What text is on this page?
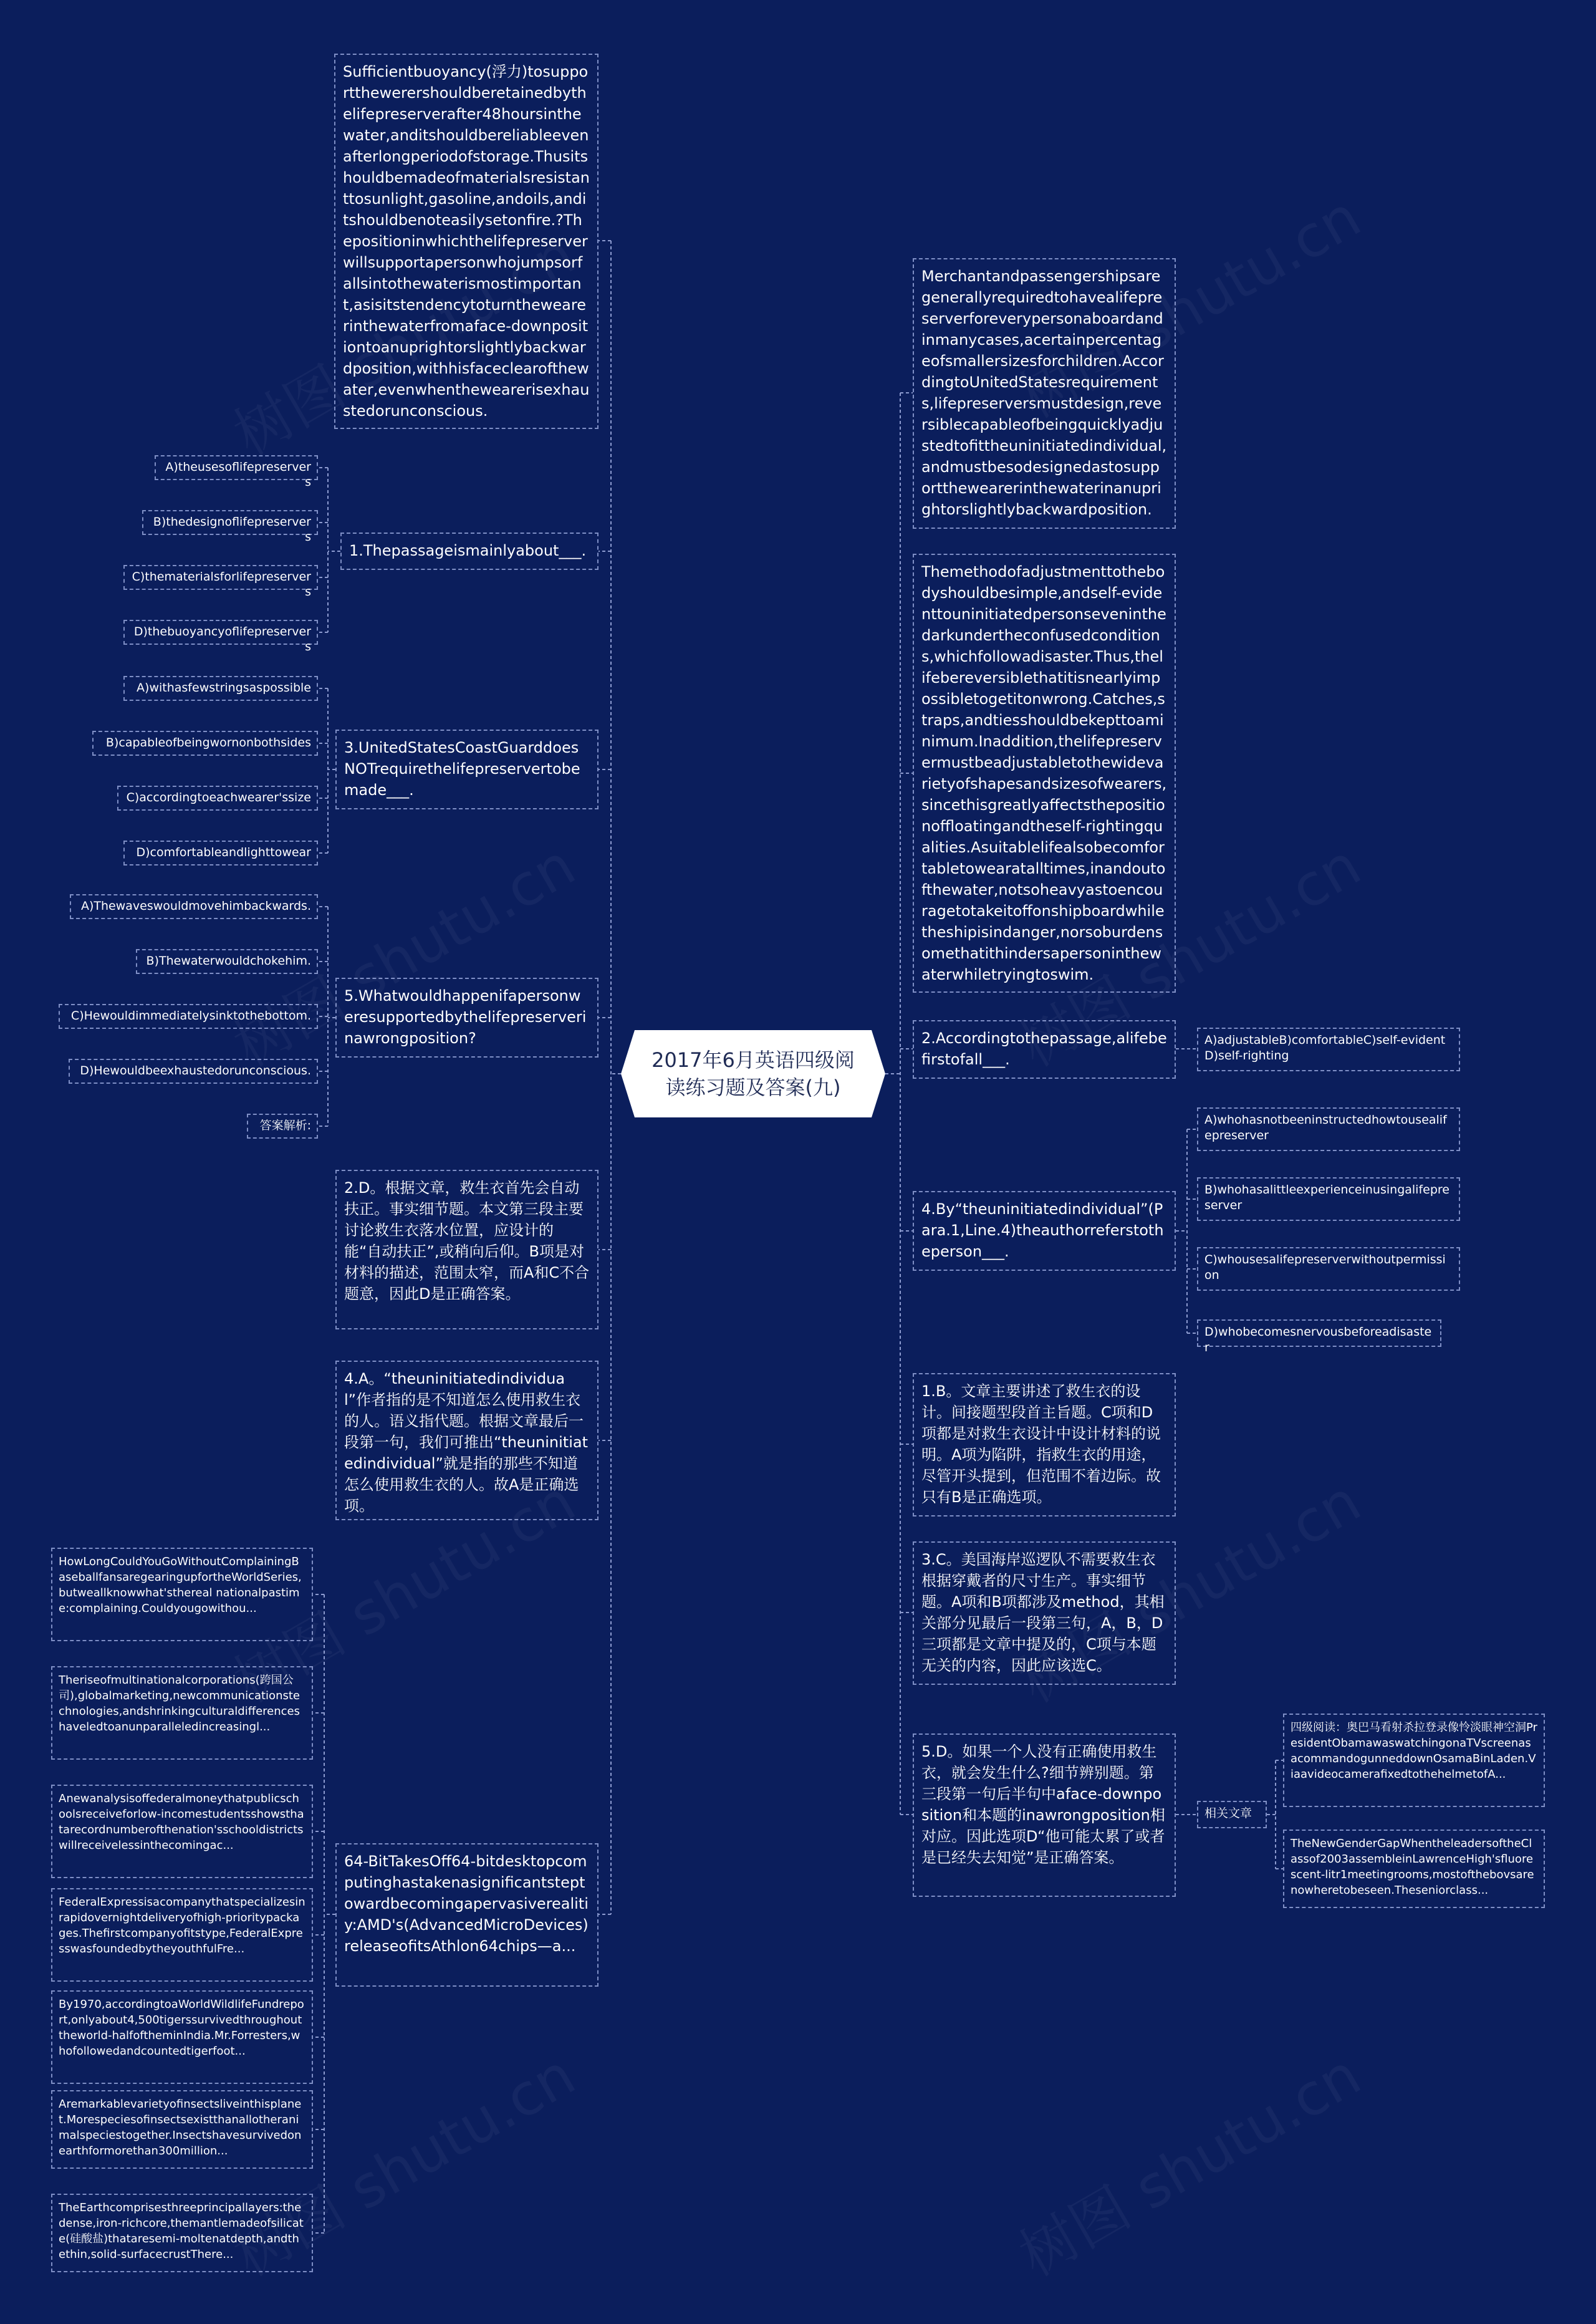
2017年6月英语四级阅读练习题及答案(九)
Sufficientbuoyancy(浮力)tosupportthewerershouldberetainedbythelifepreserverafter48hoursinthewater,anditshouldbereliableevenafterlongperiodofstorage.Thusitshouldbemadeofmaterialsresistanttosunlight,gasoline,andoils,anditshouldbenoteasilysetonfire.?Thepositioninwhichthelifepreserverwillsupportapersonwhojumpsorfallsintothewaterismostimportant,asisitstendencytoturnthewearerinthewaterfromaface-downpositiontoanuprightorslightlybackwardposition,withhisfaceclearofthewater,evenwhenthewearerisexhaustedorunconscious.
1.Thepassageismainlyabout___.
A)theusesoflifepreservers
B)thedesignoflifepreservers
C)thematerialsforlifepreservers
D)thebuoyancyoflifepreservers
3.UnitedStatesCoastGuarddoesNOTrequirethelifepreservertobemade___.
A)withasfewstringsaspossible
B)capableofbeingwornonbothsides
C)accordingtoeachwearer'ssize
D)comfortableandlighttowear
5.Whatwouldhappenifapersonweresupportedbythelifepreserverinawrongposition?
A)Thewaveswouldmovehimbackwards.
B)Thewaterwouldchokehim.
C)Hewouldimmediatelysinktothebottom.
D)Hewouldbeexhaustedorunconscious.
答案解析:
2.D。根据文章，救生衣首先会自动扶正。事实细节题。本文第三段主要讨论救生衣落水位置，应设计的能“自动扶正”,或稍向后仰。B项是对材料的描述，范围太窄，而A和C不合题意，因此D是正确答案。
4.A。“theuninitiatedindividual”作者指的是不知道怎么使用救生衣的人。语义指代题。根据文章最后一段第一句，我们可推出“theuninitiatedindividual”就是指的那些不知道怎么使用救生衣的人。故A是正确选项。
64-BitTakesOff64-bitdesktopcomputinghastakenasignificantsteptowardbecomingapervasiverealitiy:AMD's(AdvancedMicroDevices)releaseofitsAthlon64chips—a...
HowLongCouldYouGoWithoutComplainingBaseballfansaregearingupfortheWorldSeries,butweallknowwhat'sthereal nationalpastime:complaining.Couldyougowithou...
Theriseofmultinationalcorporations(跨国公司),globalmarketing,newcommunicationstechnologies,andshrinkingculturaldifferenceshaveledtoanunparalleledincreasingl...
Anewanalysisoffederalmoneythatpublicschoolsreceiveforlow-incomestudentsshowsthatarecordnumberofthenation'sschooldistrictswillreceivelessinthecomingac...
FederalExpressisacompanythatspecializesinrapidovernightdeliveryofhigh-prioritypackages.Thefirstcompanyofitstype,FederalExpresswasfoundedbytheyouthfulFre...
By1970,accordingtoaWorldWildlifeFundreport,onlyabout4,500tigerssurvivedthroughouttheworld-halfoftheminIndia.Mr.Forresters,whofollowedandcountedtigerfoot...
Aremarkablevarietyofinsectsliveinthisplanet.Morespeciesofinsectsexistthanallotheranimalspeciestogether.Insectshavesurvivedonearthformorethan300million...
TheEarthcomprisesthreeprincipallayers:thedense,iron-richcore,themantlemadeofsilicate(硅酸盐)thataresemi-moltenatdepth,andthethin,solid-surfacecrustThere...
Merchantandpassengershipsaregenerallyrequiredtohavealifepreserverforeverypersonaboardandinmanycases,acertainpercentageofsmallersizesforchildren.AccordingtoUnitedStatesrequirements,lifepreserversmustdesign,reversiblecapableofbeingquicklyadjustedtofittheuninitiatedindividual,andmustbesodesignedastosupportthewearerinthewaterinanuprightorslightlybackwardposition.
Themethodofadjustmenttothebodyshouldbesimple,andself-evidenttouninitiatedpersonseveninthedarkundertheconfusedconditions,whichfollowadisaster.Thus,thelifebereversiblethatitisnearlyimpossibletogetitonwrong.Catches,straps,andtiesshouldbekepttoaminimum.Inaddition,thelifepreservermustbeadjustabletothewidevarietyofshapesandsizesofwearers,sincethisgreatlyaffectsthepositionoffloatingandtheself-rightingqualities.Asuitablelifealsobecomfortabletowearatalltimes,inandoutofthewater,notsoheavyastoencouragetotakeitoffonshipboardwhiletheshipisindanger,norsoburdensomethatithindersapersoninthewaterwhiletryingtoswim.
2.Accordingtothepassage,alifebefirstofall___.
A)adjustableB)comfortableC)self-evident D)self-righting
4.By“theuninitiatedindividual”(Para.1,Line.4)theauthorreferstotheperson___.
A)whohasnotbeeninstructedhowtousealifepreserver
B)whohasalittleexperienceinusingalifepreserver
C)whousesalifepreserverwithoutpermission
D)whobecomesnervousbeforeadisaster
1.B。文章主要讲述了救生衣的设计。间接题型段首主旨题。C项和D项都是对救生衣设计中设计材料的说明。A项为陷阱，指救生衣的用途，尽管开头提到，但范围不着边际。故只有B是正确选项。
3.C。美国海岸巡逻队不需要救生衣根据穿戴者的尺寸生产。事实细节题。A项和B项都涉及method，其相关部分见最后一段第三句，A，B，D三项都是文章中提及的，C项与本题无关的内容，因此应该选C。
5.D。如果一个人没有正确使用救生衣，就会发生什么?细节辨别题。第三段第一句后半句中aface-downposition和本题的inawrongposition相对应。因此选项D“他可能太累了或者是已经失去知觉”是正确答案。
相关文章
四级阅读：奥巴马看射杀拉登录像怜淡眼神空洞PresidentObamawaswatchingonaTVscreenasacommandogunneddownOsamaBinLaden.ViaavideocamerafixedtothehelmetofA...
TheNewGenderGapWhentheleadersoftheClassof2003assembleinLawrenceHigh'sfluorescent-litr1meetingrooms,mostofthebovsarenowheretobeseen.Theseniorclass...
